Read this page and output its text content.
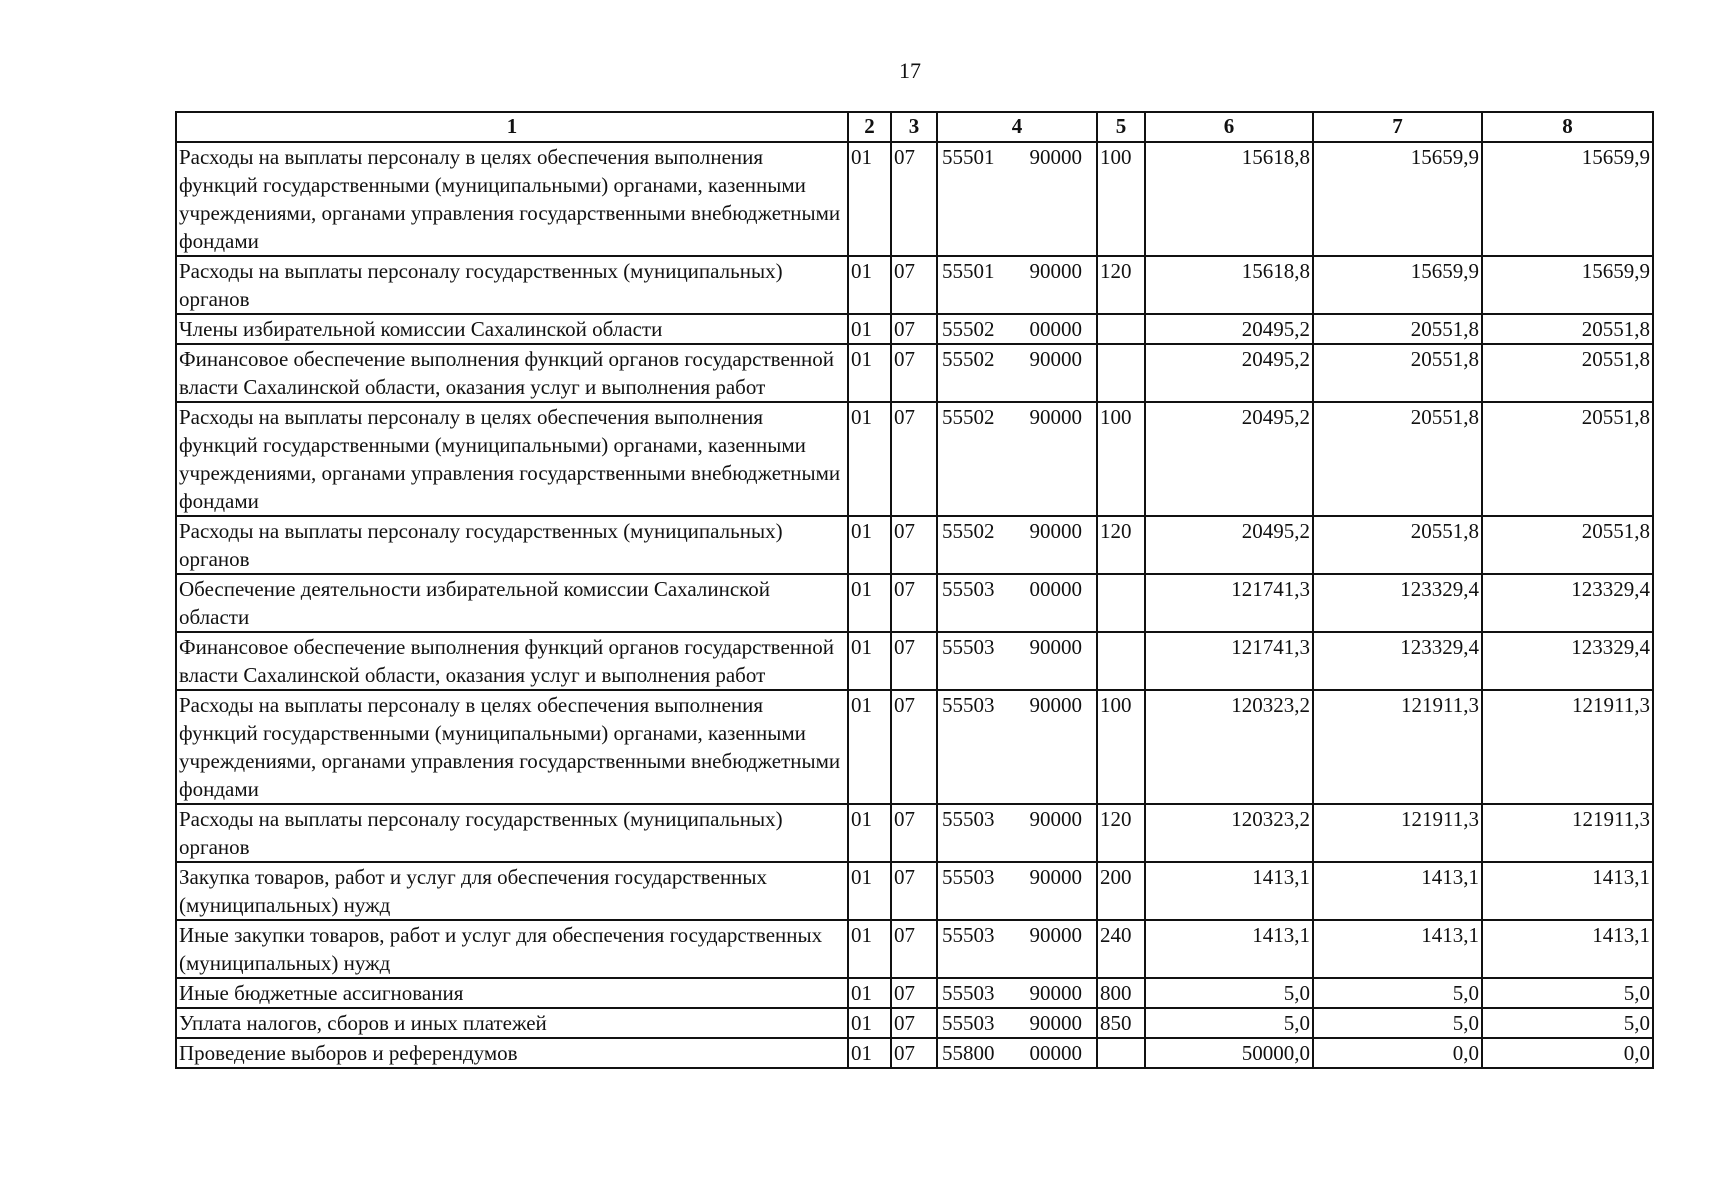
17
1	2	3	4	5	6	7	8
Расходы на выплаты персоналу в целях обеспечения выполнения функций государственными (муниципальными) органами, казенными учреждениями, органами управления государственными внебюджетными фондами	01	07	55501 90000	100	15618,8	15659,9	15659,9
Расходы на выплаты персоналу государственных (муниципальных) органов	01	07	55501 90000	120	15618,8	15659,9	15659,9
Члены избирательной комиссии Сахалинской области	01	07	55502 00000		20495,2	20551,8	20551,8
Финансовое обеспечение выполнения функций органов государственной власти Сахалинской области, оказания услуг и выполнения работ	01	07	55502 90000		20495,2	20551,8	20551,8
Расходы на выплаты персоналу в целях обеспечения выполнения функций государственными (муниципальными) органами, казенными учреждениями, органами управления государственными внебюджетными фондами	01	07	55502 90000	100	20495,2	20551,8	20551,8
Расходы на выплаты персоналу государственных (муниципальных) органов	01	07	55502 90000	120	20495,2	20551,8	20551,8
Обеспечение деятельности избирательной комиссии Сахалинской области	01	07	55503 00000		121741,3	123329,4	123329,4
Финансовое обеспечение выполнения функций органов государственной власти Сахалинской области, оказания услуг и выполнения работ	01	07	55503 90000		121741,3	123329,4	123329,4
Расходы на выплаты персоналу в целях обеспечения выполнения функций государственными (муниципальными) органами, казенными учреждениями, органами управления государственными внебюджетными фондами	01	07	55503 90000	100	120323,2	121911,3	121911,3
Расходы на выплаты персоналу государственных (муниципальных) органов	01	07	55503 90000	120	120323,2	121911,3	121911,3
Закупка товаров, работ и услуг для обеспечения государственных (муниципальных) нужд	01	07	55503 90000	200	1413,1	1413,1	1413,1
Иные закупки товаров, работ и услуг для обеспечения государственных (муниципальных) нужд	01	07	55503 90000	240	1413,1	1413,1	1413,1
Иные бюджетные ассигнования	01	07	55503 90000	800	5,0	5,0	5,0
Уплата налогов, сборов и иных платежей	01	07	55503 90000	850	5,0	5,0	5,0
Проведение выборов и референдумов	01	07	55800 00000		50000,0	0,0	0,0
